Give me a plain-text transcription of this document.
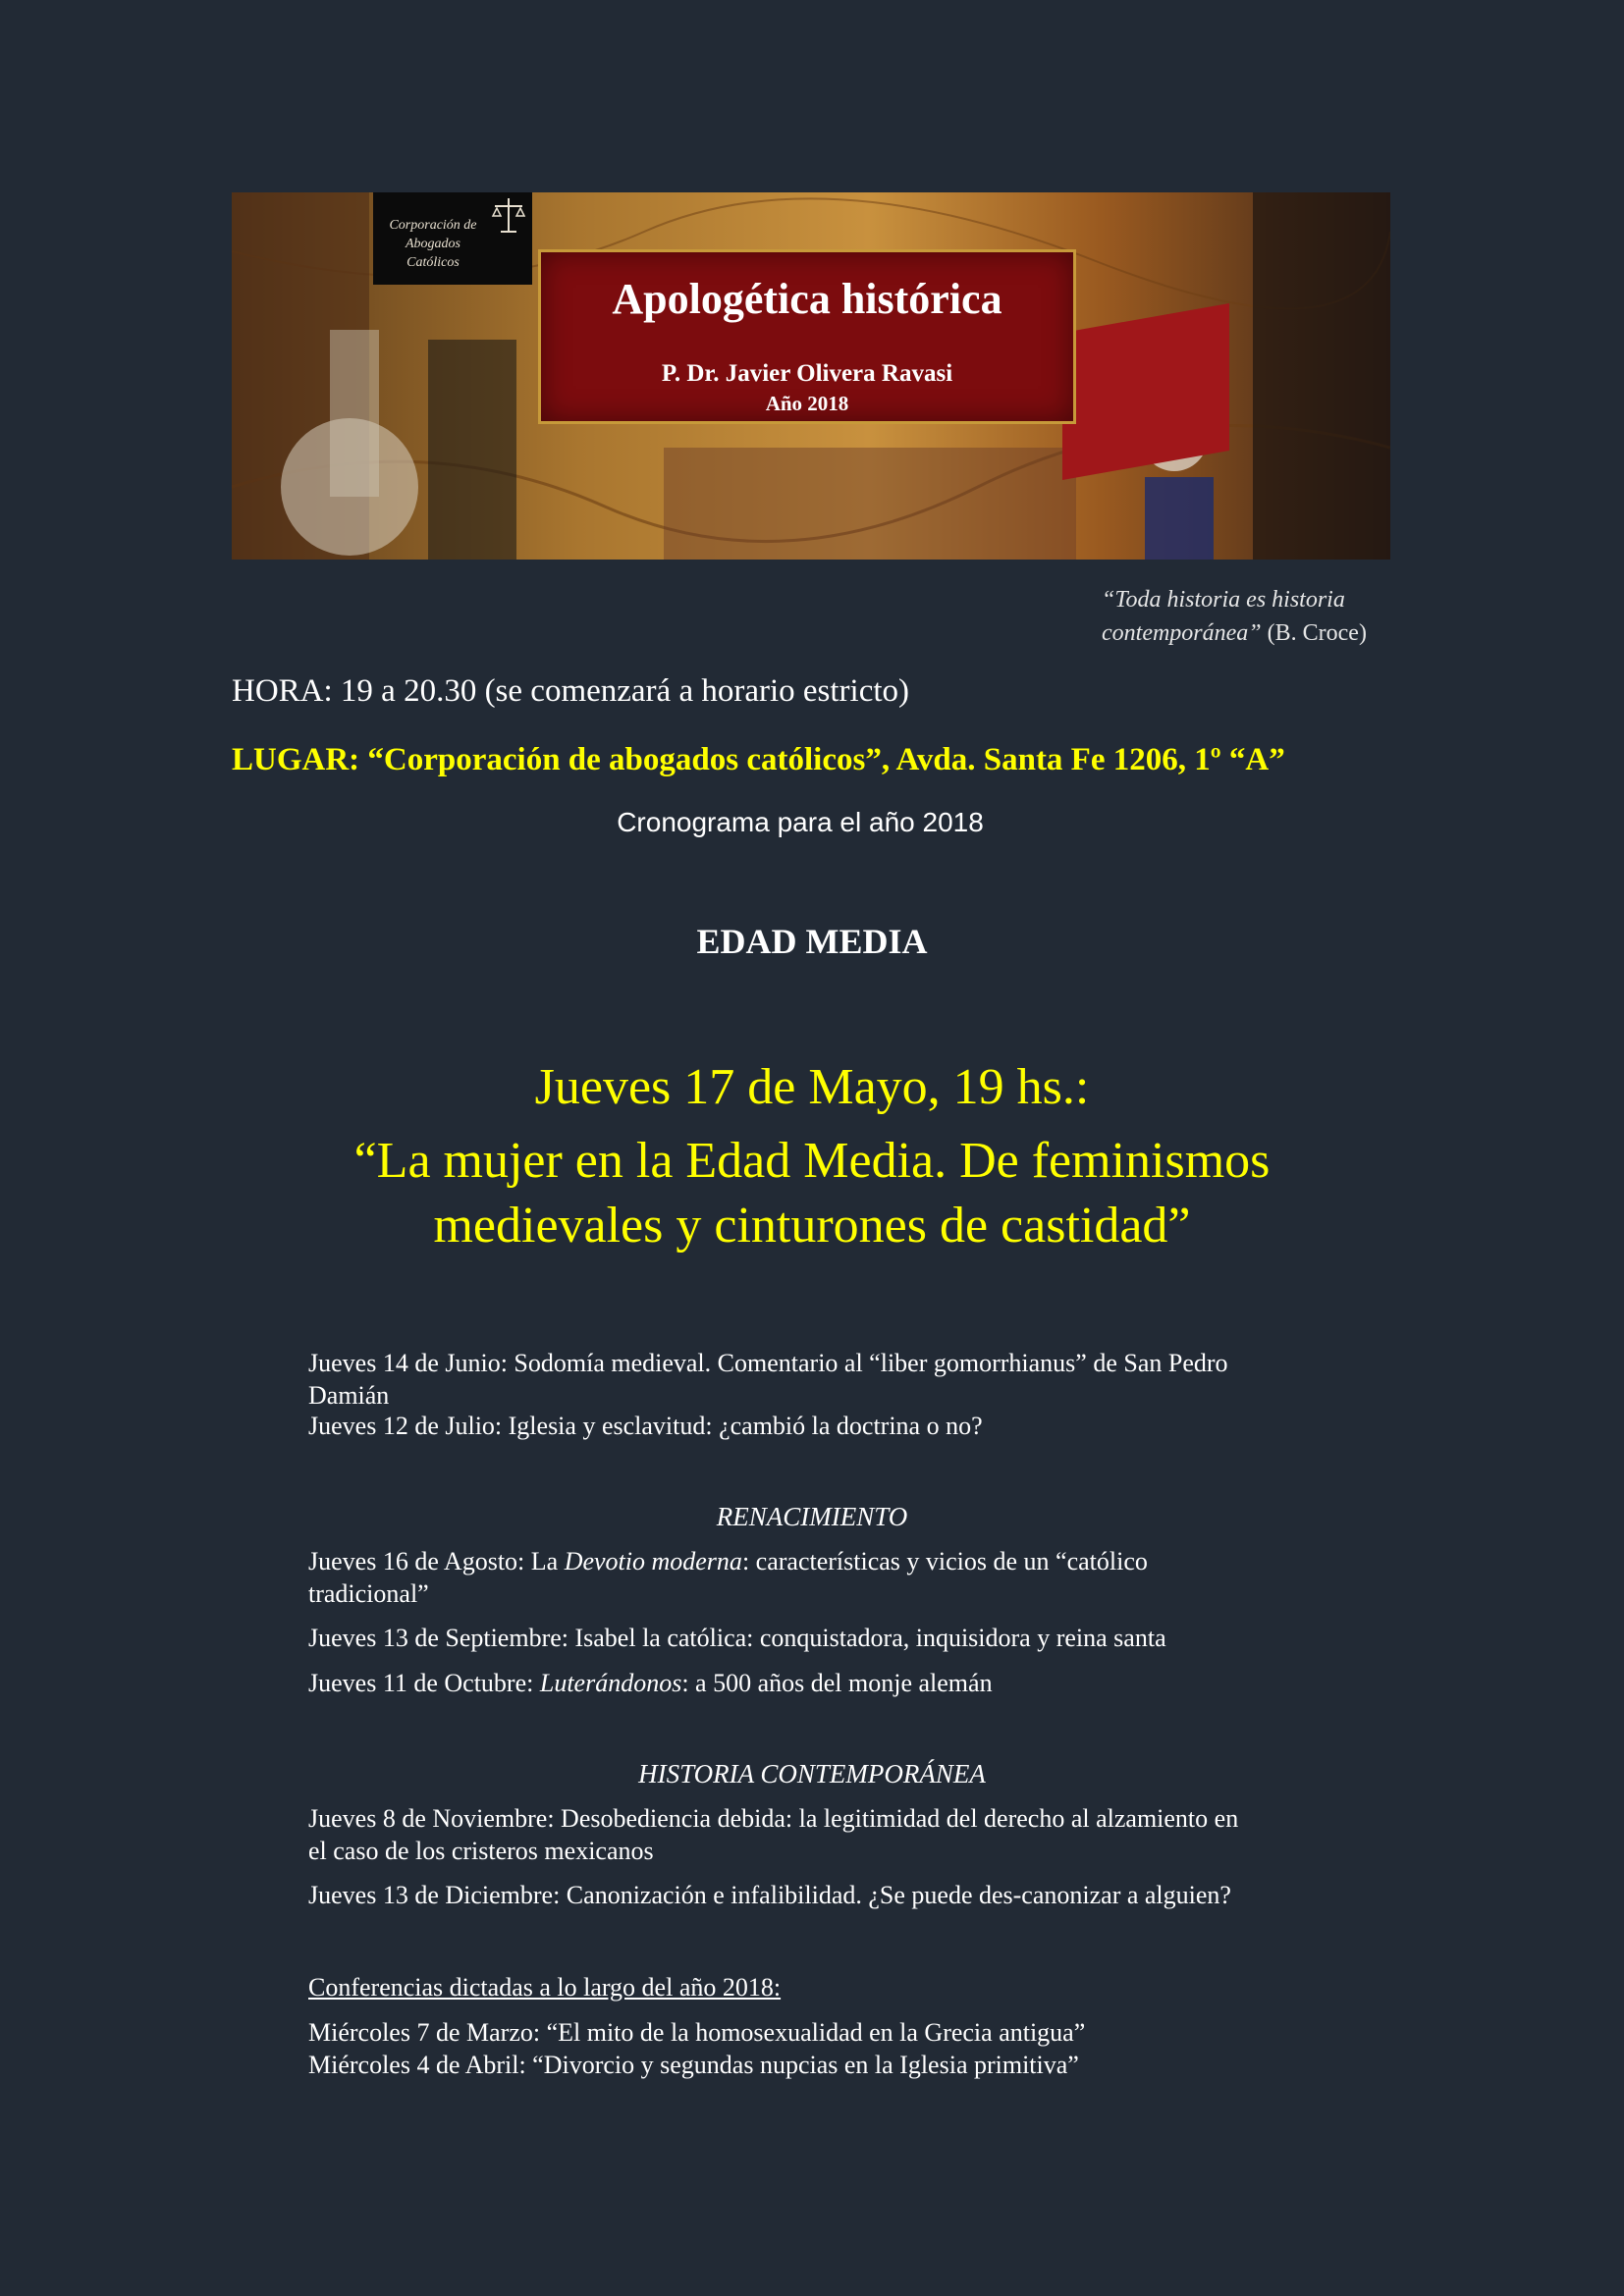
Corporación de
Abogados Católicos
Apologética histórica
P. Dr. Javier Olivera Ravasi
Año 2018
“Toda historia es historia
contemporánea” (B. Croce)
HORA: 19 a 20.30 (se comenzará a horario estricto)
LUGAR: “Corporación de abogados católicos”, Avda. Santa Fe 1206, 1º “A”
Cronograma para el año 2018
EDAD MEDIA
Jueves 17 de Mayo, 19 hs.:
“La mujer en la Edad Media. De feminismos
medievales y cinturones de castidad”
Jueves 14 de Junio: Sodomía medieval. Comentario al “liber gomorrhianus” de San Pedro
Damián
Jueves 12 de Julio: Iglesia y esclavitud: ¿cambió la doctrina o no?
RENACIMIENTO
Jueves 16 de Agosto: La Devotio moderna: características y vicios de un “católico
tradicional”
Jueves 13 de Septiembre: Isabel la católica: conquistadora, inquisidora y reina santa
Jueves 11 de Octubre: Luterándonos: a 500 años del monje alemán
HISTORIA CONTEMPORÁNEA
Jueves 8 de Noviembre: Desobediencia debida: la legitimidad del derecho al alzamiento en
el caso de los cristeros mexicanos
Jueves 13 de Diciembre: Canonización e infalibilidad. ¿Se puede des-canonizar a alguien?
Conferencias dictadas a lo largo del año 2018:
Miércoles 7 de Marzo: “El mito de la homosexualidad en la Grecia antigua”
Miércoles 4 de Abril: “Divorcio y segundas nupcias en la Iglesia primitiva”
